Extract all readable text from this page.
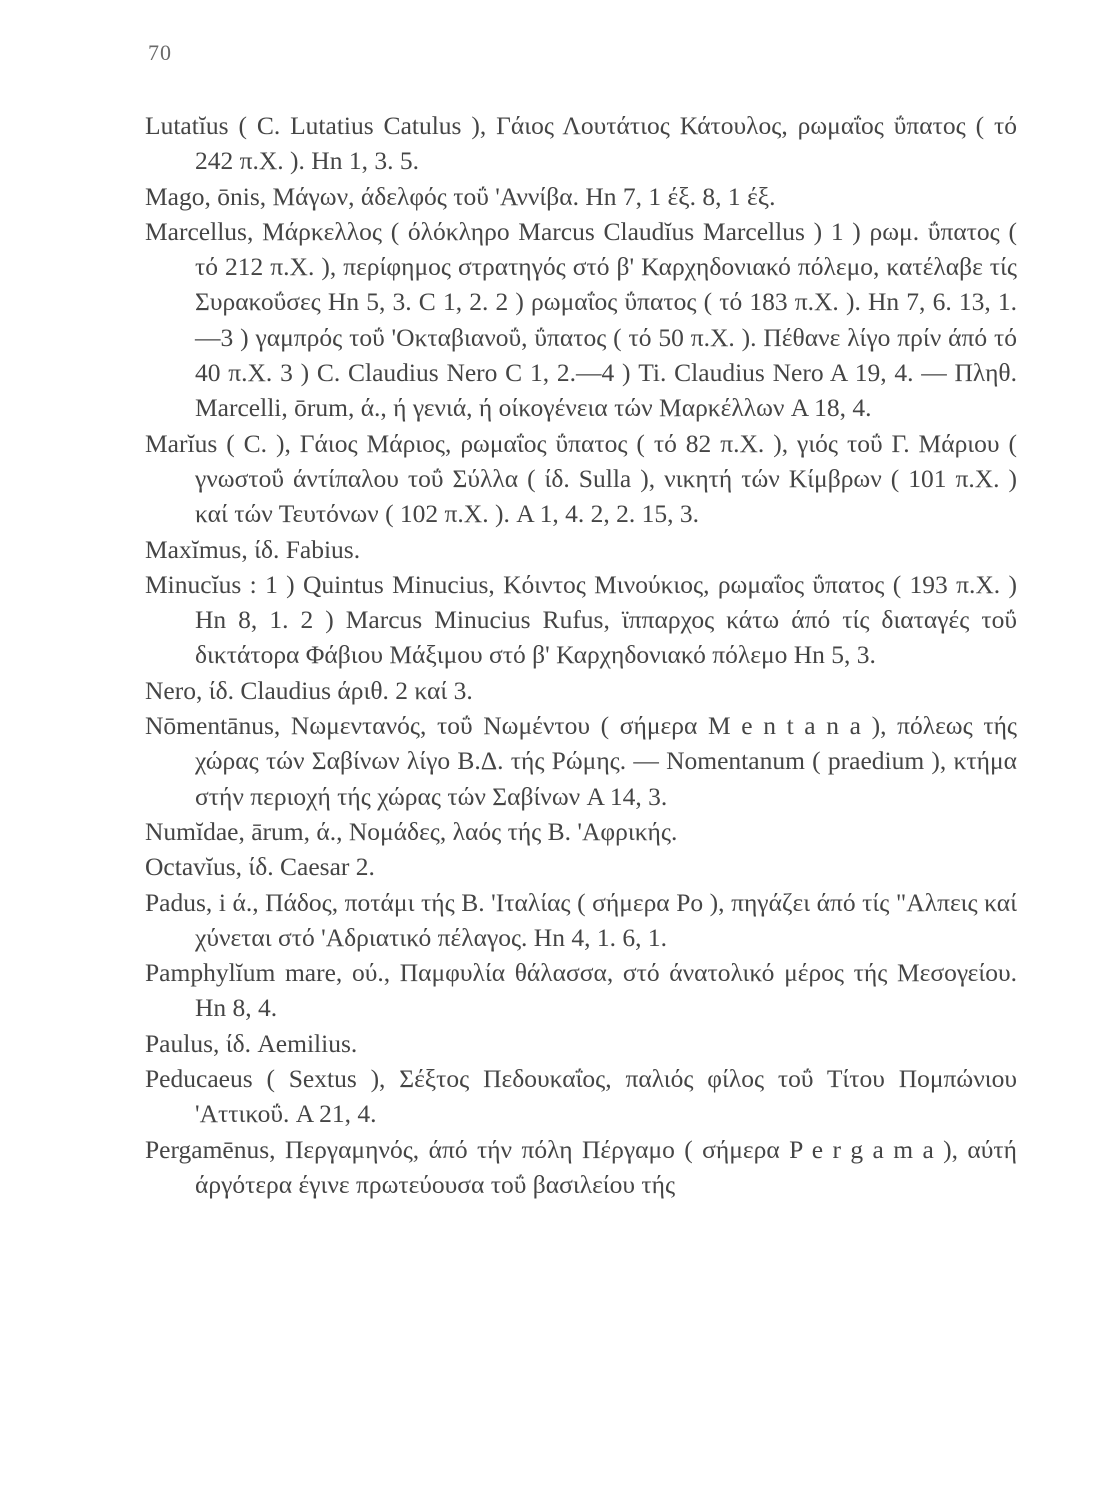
70

Lutatĭus ( C. Lutatius Catulus ), Γάιος Λουτάτιος Κάτουλος, ρωμαΐος ΰπατος ( τό 242 π.Χ. ). Hn 1, 3. 5.

Mago, ōnis, Μάγων, άδελφός τοΰ 'Αννίβα. Hn 7, 1 έξ. 8, 1 έξ.

Marcellus, Μάρκελλος ( όλόκληρο Marcus Claudĭus Marcellus ) 1 ) ρωμ. ΰπατος ( τό 212 π.Χ. ), περίφημος στρατηγός στό β' Καρχηδονιακό πόλεμο, κατέλαβε τίς Συρακοΰσες Hn 5, 3. C 1, 2. 2 ) ρωμαΐος ΰπατος ( τό 183 π.Χ. ). Hn 7, 6. 13, 1.—3 ) γαμπρός τοΰ 'Οκταβιανοΰ, ΰπατος ( τό 50 π.Χ. ). Πέθανε λίγο πρίν άπό τό 40 π.Χ. 3 ) C. Claudius Nero C 1, 2.—4 ) Ti. Claudius Nero A 19, 4. — Πληθ. Marcelli, ōrum, ά., ή γενιά, ή οίκογένεια τών Μαρκέλλων A 18, 4.

Marĭus ( C. ), Γάιος Μάριος, ρωμαΐος ΰπατος ( τό 82 π.Χ. ), γιός τοΰ Γ. Μάριου ( γνωστοΰ άντίπαλου τοΰ Σύλλα ( ίδ. Sulla ), νικητή τών Κίμβρων ( 101 π.Χ. ) καί τών Τευτόνων ( 102 π.Χ. ). A 1, 4. 2, 2. 15, 3.

Maxĭmus, ίδ. Fabius.

Minucĭus : 1 ) Quintus Minucius, Κόιντος Μινούκιος, ρωμαΐος ΰπατος ( 193 π.Χ. ) Hn 8, 1. 2 ) Marcus Minucius Rufus, ϊππαρχος κάτω άπό τίς διαταγές τοΰ δικτάτορα Φάβιου Μάξιμου στό β' Καρχηδονιακό πόλεμο Hn 5, 3.

Nero, ίδ. Claudius άριθ. 2 καί 3.

Nōmentānus, Νωμεντανός, τοΰ Νωμέντου ( σήμερα M e n t a n a ), πόλεως τής χώρας τών Σαβίνων λίγο Β.Δ. τής Ρώμης. — Nomentanum ( praedium ), κτήμα στήν περιοχή τής χώρας τών Σαβίνων A 14, 3.

Numĭdae, ārum, ά., Νομάδες, λαός τής Β. 'Αφρικής.

Octavĭus, ίδ. Caesar 2.

Padus, i ά., Πάδος, ποτάμι τής Β. 'Ιταλίας ( σήμερα Po ), πηγάζει άπό τίς "Αλπεις καί χύνεται στό 'Αδριατικό πέλαγος. Hn 4, 1. 6, 1.

Pamphylĭum mare, ού., Παμφυλία θάλασσα, στό άνατολικό μέρος τής Μεσογείου. Hn 8, 4.

Paulus, ίδ. Aemilius.

Peducaeus ( Sextus ), Σέξτος Πεδουκαΐος, παλιός φίλος τοΰ Τίτου Πομπώνιου 'Αττικοΰ. A 21, 4.

Pergamēnus, Περγαμηνός, άπό τήν πόλη Πέργαμο ( σήμερα P e r g a m a ), αύτή άργότερα έγινε πρωτεύουσα τοΰ βασιλείου τής
